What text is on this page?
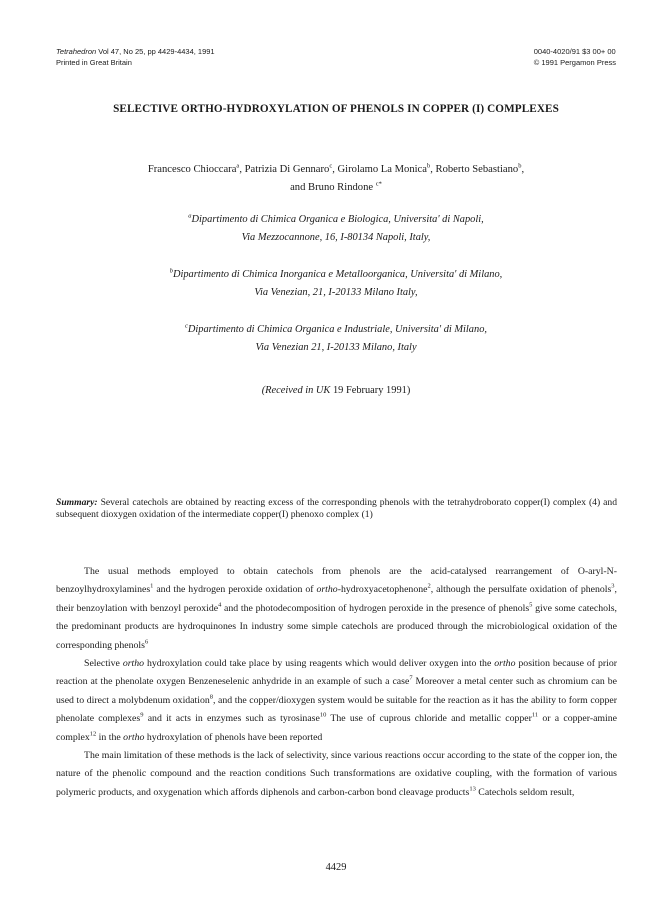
Tetrahedron Vol 47, No 25, pp 4429-4434, 1991
Printed in Great Britain
0040-4020/91 $3 00+ 00
© 1991 Pergamon Press
SELECTIVE ORTHO-HYDROXYLATION OF PHENOLS IN COPPER (I) COMPLEXES
Francesco Chioccara$^a$, Patrizia Di Gennaro$^c$, Girolamo La Monica$^b$, Roberto Sebastiano$^b$,
and Bruno Rindone $^{c*}$
$^a$Dipartimento di Chimica Organica e Biologica, Universita' di Napoli,
Via Mezzocannone, 16, I-80134 Napoli, Italy,
$^b$Dipartimento di Chimica Inorganica e Metalloorganica, Universita' di Milano,
Via Venezian, 21, I-20133 Milano Italy,
$^c$Dipartimento di Chimica Organica e Industriale, Universita' di Milano,
Via Venezian 21, I-20133 Milano, Italy
(Received in UK 19 February 1991)
Summary: Several catechols are obtained by reacting excess of the corresponding phenols with the tetrahydroborato copper(I) complex (4) and subsequent dioxygen oxidation of the intermediate copper(I) phenoxo complex (1)

The usual methods employed to obtain catechols from phenols are the acid-catalysed rearrangement of O-aryl-N-benzoylhydroxylamines$^1$ and the hydrogen peroxide oxidation of ortho-hydroxyacetophenone$^2$, although the persulfate oxidation of phenols$^3$, their benzoylation with benzoyl peroxide$^4$ and the photodecomposition of hydrogen peroxide in the presence of phenols$^5$ give some catechols, the predominant products are hydroquinones In industry some simple catechols are produced through the microbiological oxidation of the corresponding phenols$^6$

Selective ortho hydroxylation could take place by using reagents which would deliver oxygen into the ortho position because of prior reaction at the phenolate oxygen Benzeneselenic anhydride in an example of such a case$^7$ Moreover a metal center such as chromium can be used to direct a molybdenum oxidation$^8$, and the copper/dioxygen system would be suitable for the reaction as it has the ability to form copper phenolate complexes$^9$ and it acts in enzymes such as tyrosinase$^{10}$ The use of cuprous chloride and metallic copper$^{11}$ or a copper-amine complex$^{12}$ in the ortho hydroxylation of phenols have been reported

The main limitation of these methods is the lack of selectivity, since various reactions occur according to the state of the copper ion, the nature of the phenolic compound and the reaction conditions Such transformations are oxidative coupling, with the formation of various polymeric products, and oxygenation which affords diphenols and carbon-carbon bond cleavage products$^{13}$ Catechols seldom result,

4429
